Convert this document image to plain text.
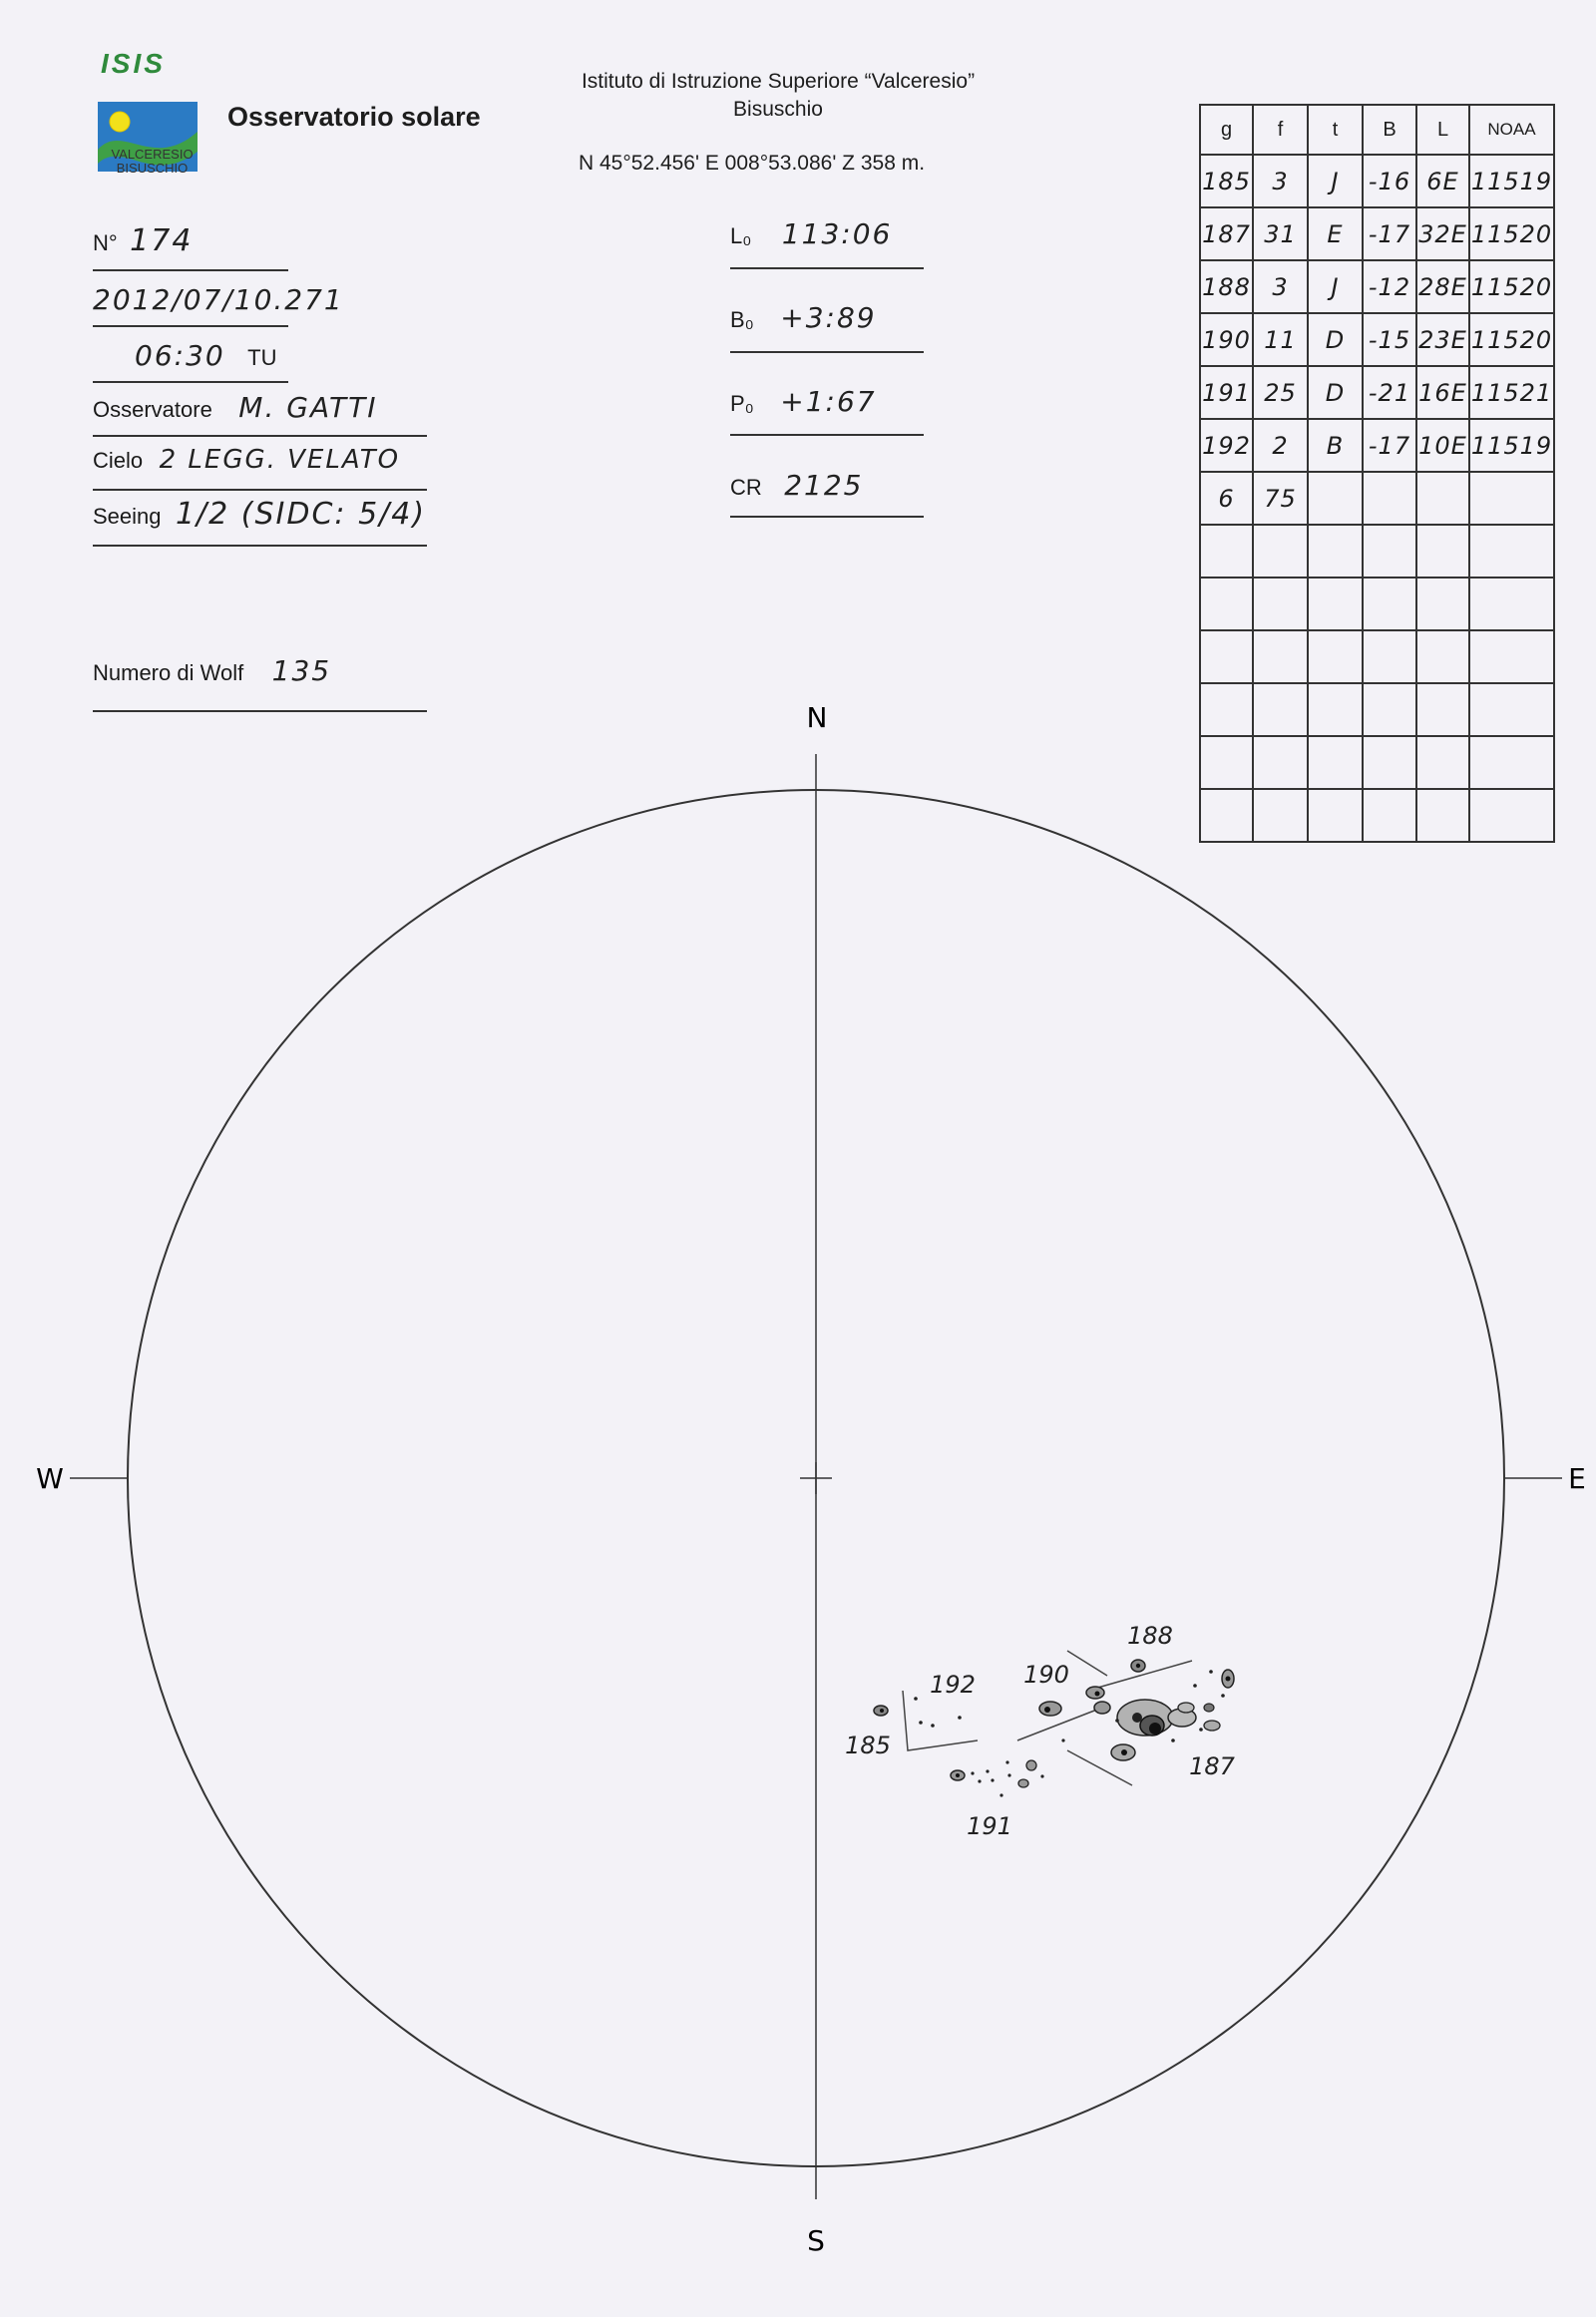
ISIS
VALCERESIO
BISUSCHIO
Osservatorio solare
Istituto di Istruzione Superiore “Valceresio”
Bisuschio
N 45°52.456' E 008°53.086' Z 358 m.
N° 174
2012/07/10.271
06:30 TU
Osservatore M. GATTI
Cielo 2 LEGG. VELATO
Seeing 1/2 (SIDC: 5/4)
Numero di Wolf 135
L₀ 113:06
B₀ +3:89
P₀ +1:67
CR 2125
g	f	t	B	L	NOAA
185	3	J	-16	6E	11519
187	31	E	-17	32E	11520
188	3	J	-12	28E	11520
190	11	D	-15	23E	11520
191	25	D	-21	16E	11521
192	2	B	-17	10E	11519
6	75				

N
S
W	E
188
192 190
185
187
191
